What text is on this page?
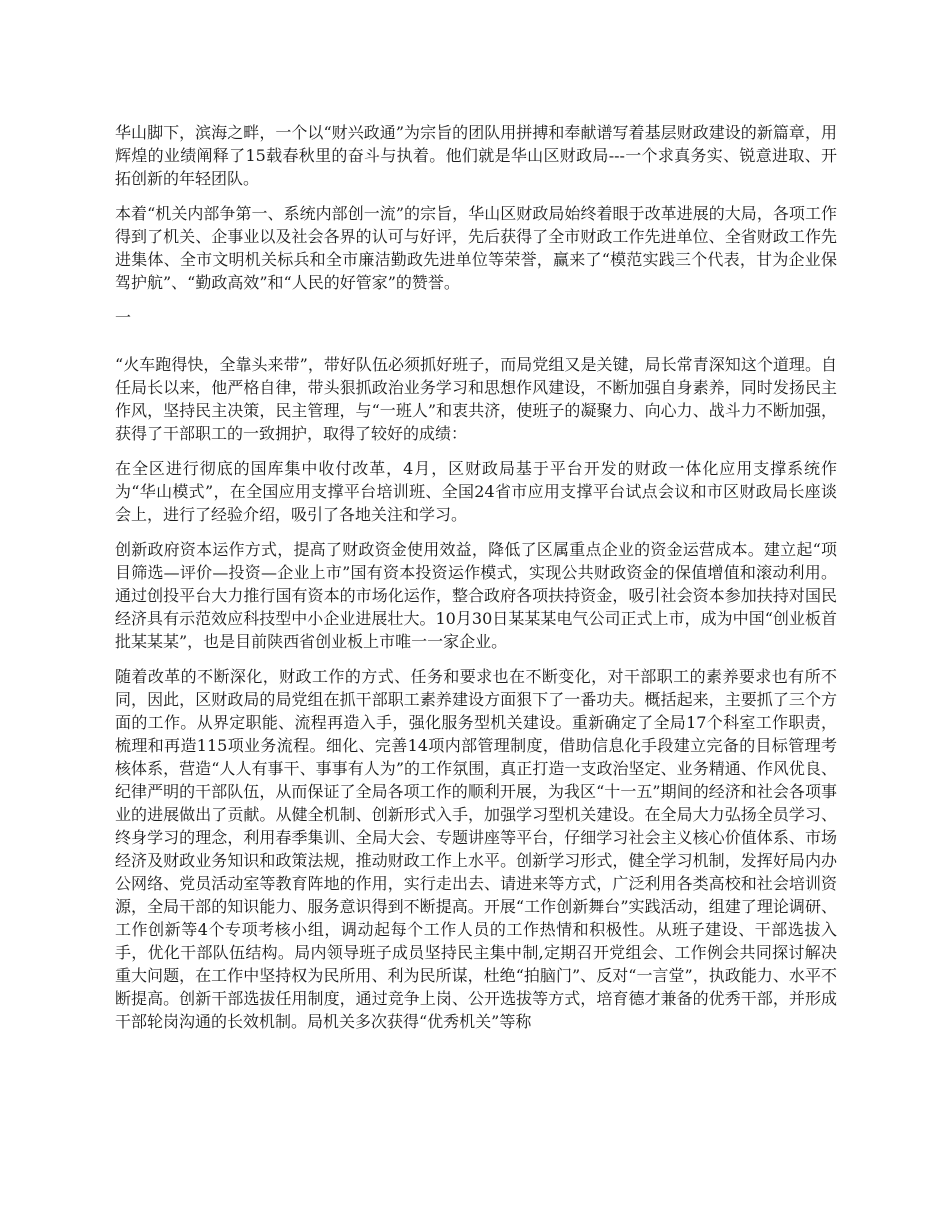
华山脚下，滨海之畔，一个以“财兴政通”为宗旨的团队用拼搏和奉献谱写着基层财政建设的新篇章，用辉煌的业绩阐释了15载春秋里的奋斗与执着。他们就是华山区财政局---一个求真务实、锐意进取、开拓创新的年轻团队。

本着“机关内部争第一、系统内部创一流”的宗旨，华山区财政局始终着眼于改革进展的大局，各项工作得到了机关、企事业以及社会各界的认可与好评，先后获得了全市财政工作先进单位、全省财政工作先进集体、全市文明机关标兵和全市廉洁勤政先进单位等荣誉，赢来了“模范实践三个代表，甘为企业保驾护航”、“勤政高效”和“人民的好管家”的赞誉。

一

“火车跑得快，全靠头来带”，带好队伍必须抓好班子，而局党组又是关键，局长常青深知这个道理。自任局长以来，他严格自律，带头狠抓政治业务学习和思想作风建设，不断加强自身素养，同时发扬民主作风，坚持民主决策，民主管理，与“一班人”和衷共济，使班子的凝聚力、向心力、战斗力不断加强，获得了干部职工的一致拥护，取得了较好的成绩：

在全区进行彻底的国库集中收付改革，4月，区财政局基于平台开发的财政一体化应用支撑系统作为“华山模式”，在全国应用支撑平台培训班、全国24省市应用支撑平台试点会议和市区财政局长座谈会上，进行了经验介绍，吸引了各地关注和学习。

创新政府资本运作方式，提高了财政资金使用效益，降低了区属重点企业的资金运营成本。建立起“项目筛选—评价—投资—企业上市”国有资本投资运作模式，实现公共财政资金的保值增值和滚动利用。通过创投平台大力推行国有资本的市场化运作，整合政府各项扶持资金，吸引社会资本参加扶持对国民经济具有示范效应科技型中小企业进展壮大。10月30日某某某电气公司正式上市，成为中国“创业板首批某某某”，也是目前陕西省创业板上市唯一一家企业。

随着改革的不断深化，财政工作的方式、任务和要求也在不断变化，对干部职工的素养要求也有所不同，因此，区财政局的局党组在抓干部职工素养建设方面狠下了一番功夫。概括起来，主要抓了三个方面的工作。从界定职能、流程再造入手，强化服务型机关建设。重新确定了全局17个科室工作职责，梳理和再造115项业务流程。细化、完善14项内部管理制度，借助信息化手段建立完备的目标管理考核体系，营造“人人有事干、事事有人为”的工作氛围，真正打造一支政治坚定、业务精通、作风优良、纪律严明的干部队伍，从而保证了全局各项工作的顺利开展，为我区“十一五”期间的经济和社会各项事业的进展做出了贡献。从健全机制、创新形式入手，加强学习型机关建设。在全局大力弘扬全员学习、终身学习的理念，利用春季集训、全局大会、专题讲座等平台，仔细学习社会主义核心价值体系、市场经济及财政业务知识和政策法规，推动财政工作上水平。创新学习形式，健全学习机制，发挥好局内办公网络、党员活动室等教育阵地的作用，实行走出去、请进来等方式，广泛利用各类高校和社会培训资源，全局干部的知识能力、服务意识得到不断提高。开展“工作创新舞台”实践活动，组建了理论调研、工作创新等4个专项考核小组，调动起每个工作人员的工作热情和积极性。从班子建设、干部选拔入手，优化干部队伍结构。局内领导班子成员坚持民主集中制,定期召开党组会、工作例会共同探讨解决重大问题，在工作中坚持权为民所用、利为民所谋，杜绝“拍脑门”、反对“一言堂”，执政能力、水平不断提高。创新干部选拔任用制度，通过竞争上岗、公开选拔等方式，培育德才兼备的优秀干部，并形成干部轮岗沟通的长效机制。局机关多次获得“优秀机关”等称
